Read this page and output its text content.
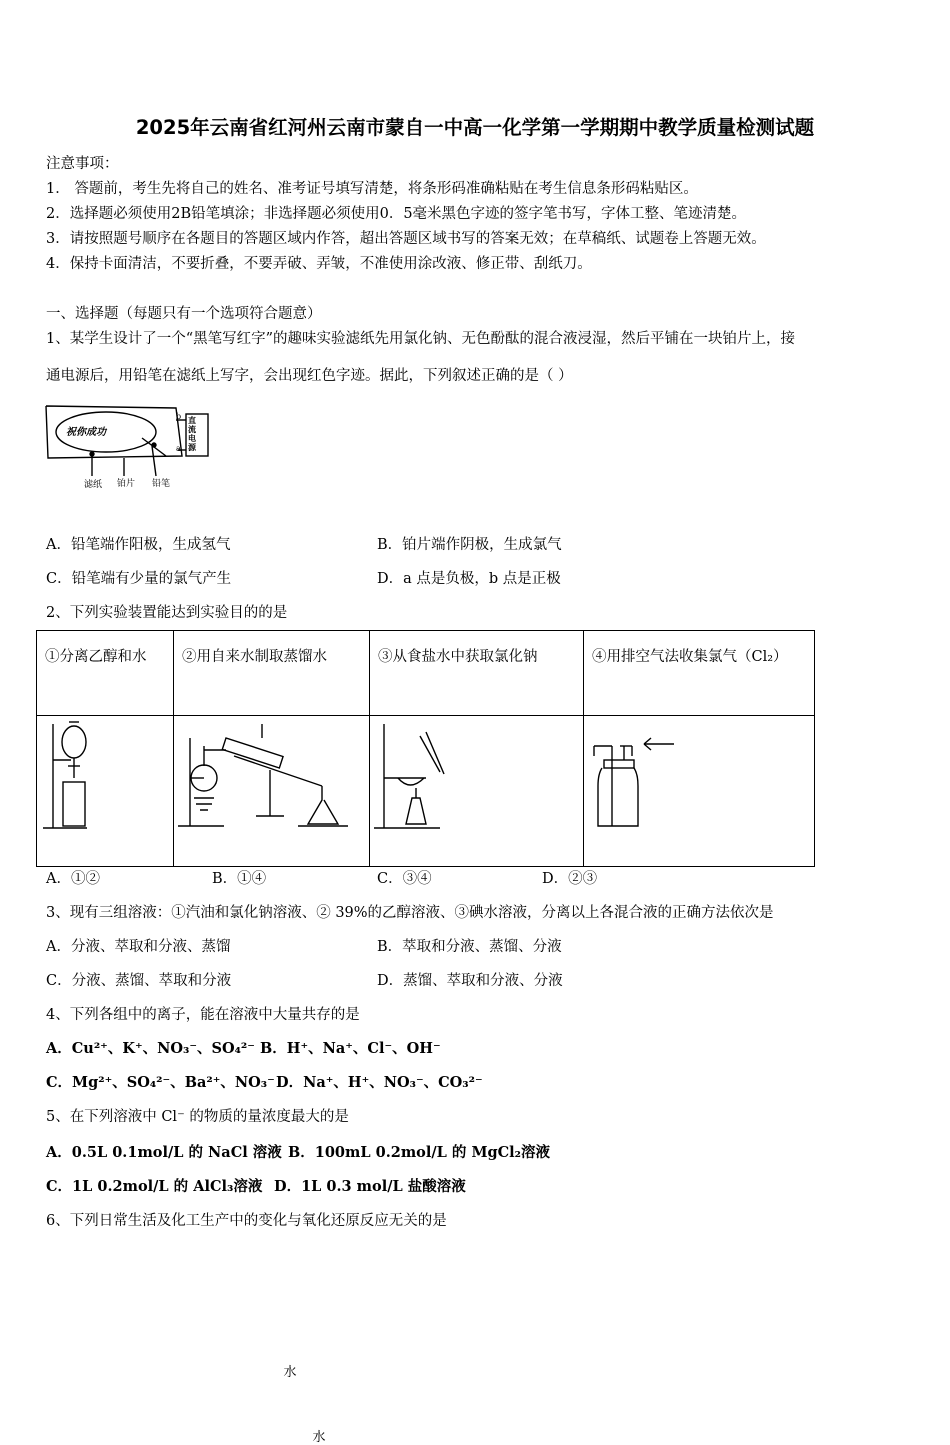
2025年云南省红河州云南市蒙自一中高一化学第一学期期中教学质量检测试题
注意事项：
1． 答题前，考生先将自己的姓名、准考证号填写清楚，将条形码准确粘贴在考生信息条形码粘贴区。
2．选择题必须使用2B铅笔填涂；非选择题必须使用0．5毫米黑色字迹的签字笔书写，字体工整、笔迹清楚。
3．请按照题号顺序在各题目的答题区域内作答，超出答题区域书写的答案无效；在草稿纸、试题卷上答题无效。
4．保持卡面清洁，不要折叠，不要弄破、弄皱，不准使用涂改液、修正带、刮纸刀。
一、选择题（每题只有一个选项符合题意）
1、某学生设计了一个“黑笔写红字”的趣味实验滤纸先用氯化钠、无色酚酞的混合液浸湿，然后平铺在一块铂片上，接
通电源后，用铅笔在滤纸上写字，会出现红色字迹。据此，下列叙述正确的是（ ）
祝你成功
直
流
电
源
b
a
滤纸 铂片 铅笔
A．铅笔端作阳极，生成氢气	B．铂片端作阴极，生成氯气
C．铅笔端有少量的氯气产生	D．a 点是负极，b 点是正极
2、下列实验装置能达到实验目的的是
①分离乙醇和水	②用自来水制取蒸馏水	③从食盐水中获取氯化钠	④用排空气法收集氯气（Cl₂）

水
水

A．①②	B．①④	C．③④	D．②③
3、现有三组溶液：①汽油和氯化钠溶液、② 39%的乙醇溶液、③碘水溶液，分离以上各混合液的正确方法依次是
A．分液、萃取和分液、蒸馏	B．萃取和分液、蒸馏、分液
C．分液、蒸馏、萃取和分液	D．蒸馏、萃取和分液、分液
4、下列各组中的离子，能在溶液中大量共存的是
A．Cu²⁺、K⁺、NO₃⁻、SO₄²⁻ B．H⁺、Na⁺、Cl⁻、OH⁻
C．Mg²⁺、SO₄²⁻、Ba²⁺、NO₃⁻ D．Na⁺、H⁺、NO₃⁻、CO₃²⁻
5、在下列溶液中 Cl⁻ 的物质的量浓度最大的是
A．0.5L 0.1mol/L 的 NaCl 溶液 B．100mL 0.2mol/L 的 MgCl₂溶液
C．1L 0.2mol/L 的 AlCl₃溶液 D．1L 0.3 mol/L 盐酸溶液
6、下列日常生活及化工生产中的变化与氧化还原反应无关的是
